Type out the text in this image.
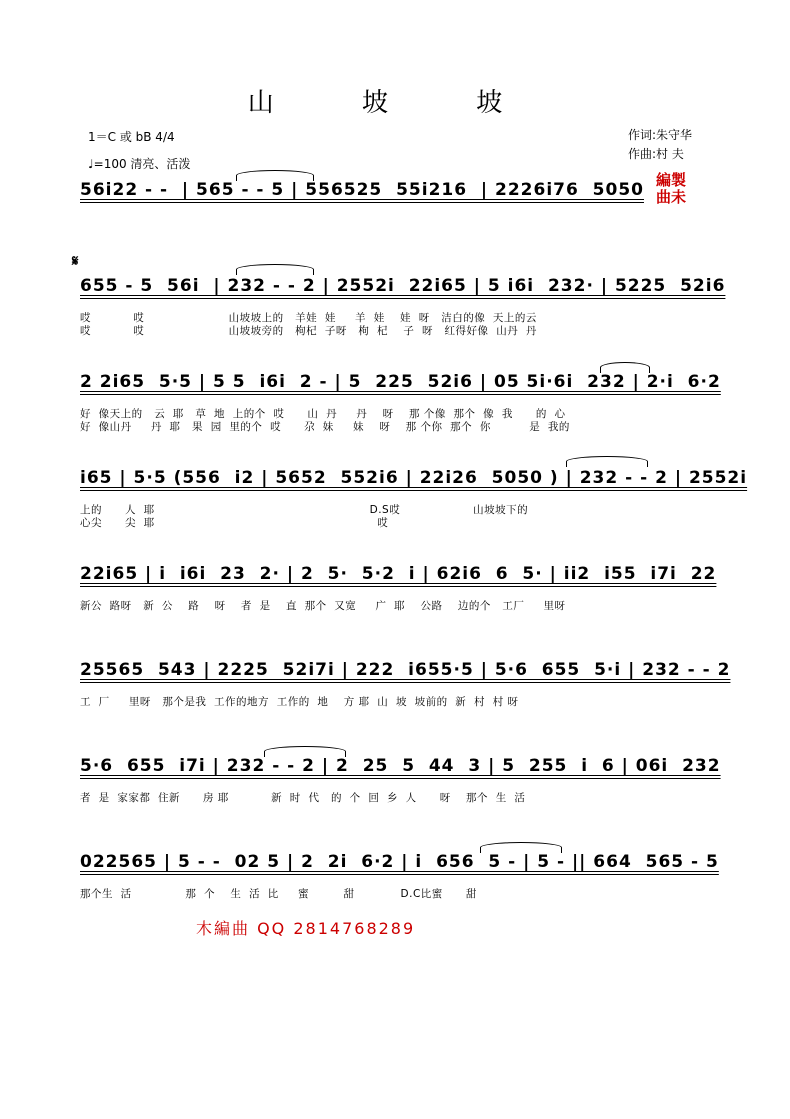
山 坡 坡
1＝C 或 bB 4/4
♩=100 清亮、活泼
作词:朱守华
作曲:村 夫
編製
曲未
𝄋
56i22 - -  | 565 - - 5 | 556525  55i216  | 2226i76  5050
655 - 5  56i  | 232 - - 2 | 2552i  22i65 | 5 i6i  232· | 5225  52i6
哎           哎                      山坡坡上的   羊娃  娃     羊  娃    娃  呀   洁白的像  天上的云
哎           哎                      山坡坡旁的   枸杞  子呀   枸  杞    子  呀   红得好像  山丹  丹
2 2i65  5·5 | 5 5  i6i  2 - | 5  225  52i6 | 05 5i·6i  232 | 2·i  6·2
好  像天上的   云  耶   草  地  上的个  哎      山  丹     丹    呀    那 个像  那个  像  我      的  心
好  像山丹     丹  耶   果  园  里的个  哎      尕  妹     妹    呀    那 个你  那个  你          是  我的
i65 | 5·5 (556  i2 | 5652  552i6 | 22i26  5050 ) | 232 - - 2 | 2552i
上的      人  耶                                                        D.S哎                   山坡坡下的
心尖      尖  耶                                                          哎
22i65 | i  i6i  23  2· | 2  5·  5·2  i | 62i6  6  5· | ii2  i55  i7i  22
新公  路呀   新  公    路    呀    者  是    直  那个  又宽     广  耶    公路    边的个   工厂     里呀
25565  543 | 2225  52i7i | 222  i655·5 | 5·6  655  5·i | 232 - - 2
工  厂     里呀   那个是我  工作的地方  工作的  地    方 耶  山  坡  坡前的  新  村  村 呀
5·6  655  i7i | 232 - - 2 | 2  25  5  44  3 | 5  255  i  6 | 06i  232
者  是  家家都  住新      房 耶           新  时  代   的  个  回  乡  人      呀    那个  生  活
022565 | 5 - -  02 5 | 2  2i  6·2 | i  656  5 - | 5 - || 664  565 - 5
那个生  活              那  个    生  活  比     蜜         甜            D.C比蜜      甜
木編曲 QQ 2814768289
